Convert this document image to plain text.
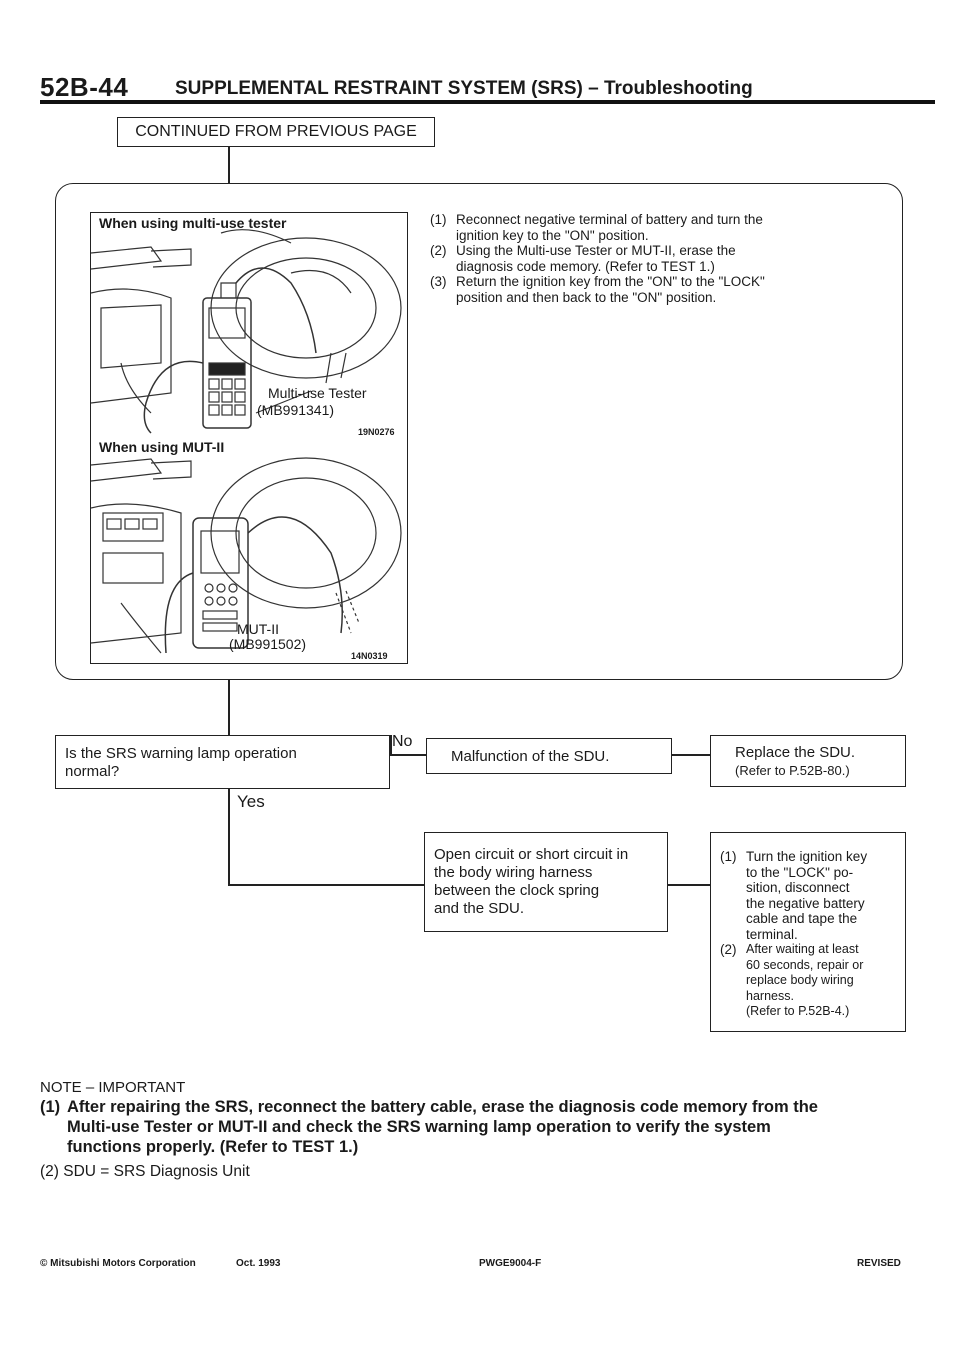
52B-44 SUPPLEMENTAL RESTRAINT SYSTEM (SRS) – Troubleshooting
CONTINUED FROM PREVIOUS PAGE
When using multi-use tester
Multi-use Tester
(MB991341)
19N0276
When using MUT-II
MUT-II
(MB991502)
14N0319
(1) Reconnect negative terminal of battery and turn the
ignition key to the "ON" position.
(2) Using the Multi-use Tester or MUT-II, erase the
diagnosis code memory. (Refer to TEST 1.)
(3) Return the ignition key from the "ON" to the "LOCK"
position and then back to the "ON" position.
Is the SRS warning lamp operation
normal?
No
Yes
Malfunction of the SDU.	Replace the SDU.
(Refer to P.52B-80.)
Open circuit or short circuit in
the body wiring harness
between the clock spring
and the SDU.
(1) Turn the ignition key
to the "LOCK" po-
sition, disconnect
the negative battery
cable and tape the
terminal.
(2) After waiting at least
60 seconds, repair or
replace body wiring
harness.
(Refer to P.52B-4.)
NOTE – IMPORTANT
(1) After repairing the SRS, reconnect the battery cable, erase the diagnosis code memory from the
Multi-use Tester or MUT-II and check the SRS warning lamp operation to verify the system
functions properly. (Refer to TEST 1.)
(2) SDU = SRS Diagnosis Unit
© Mitsubishi Motors Corporation	Oct. 1993	PWGE9004-F	REVISED
